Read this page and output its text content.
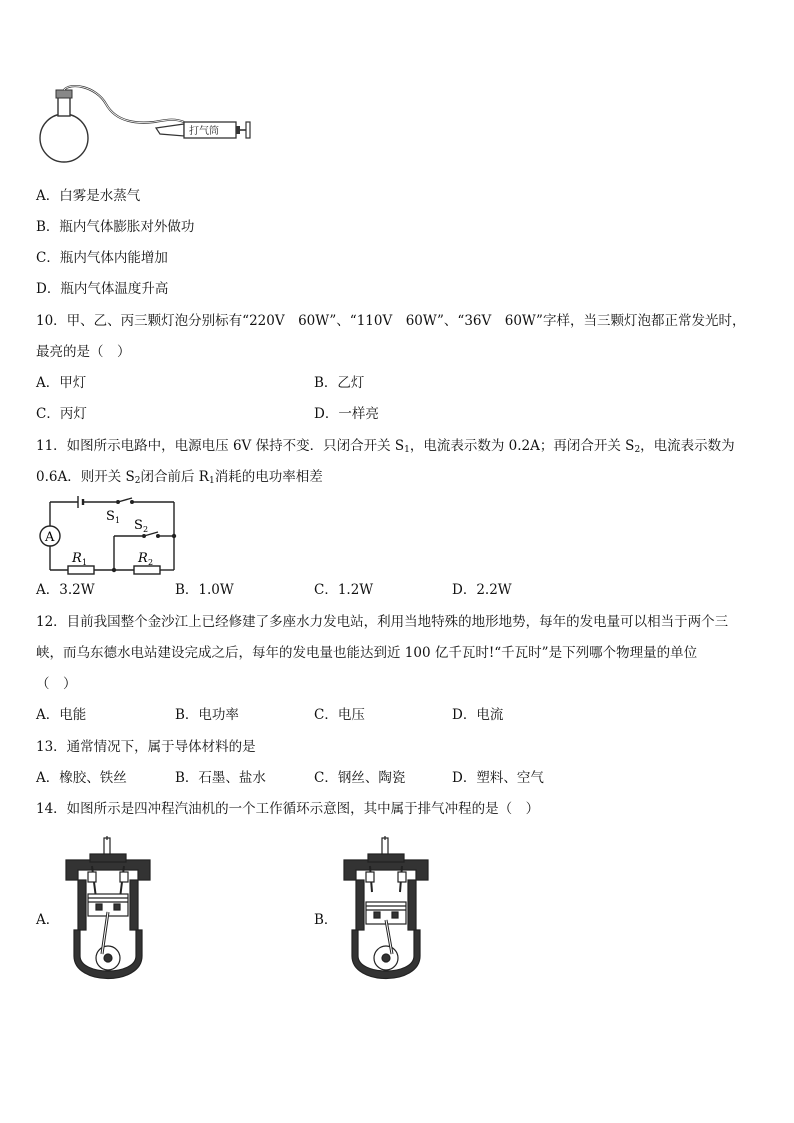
打气筒
A．白雾是水蒸气
B．瓶内气体膨胀对外做功
C．瓶内气体内能增加
D．瓶内气体温度升高
10．甲、乙、丙三颗灯泡分别标有“220V　60W”、“110V　60W”、“36V　60W”字样，当三颗灯泡都正常发光时，
最亮的是（　）
A．甲灯	B．乙灯
C．丙灯	D．一样亮
11．如图所示电路中，电源电压 6V 保持不变．只闭合开关 $S_1$，电流表示数为 0.2A；再闭合开关 $S_2$，电流表示数为
0.6A．则开关 $S_2$闭合前后 $R_1$消耗的电功率相差
A
S 1 S 2
R 1	R 2
A．3.2W	B．1.0W	C．1.2W	D．2.2W
12．目前我国整个金沙江上已经修建了多座水力发电站，利用当地特殊的地形地势，每年的发电量可以相当于两个三
峡，而乌东德水电站建设完成之后，每年的发电量也能达到近 100 亿千瓦时!“千瓦时”是下列哪个物理量的单位
（　）
A．电能	B．电功率	C．电压	D．电流
13．通常情况下，属于导体材料的是
A．橡胶、铁丝	B．石墨、盐水	C．钢丝、陶瓷	D．塑料、空气
14．如图所示是四冲程汽油机的一个工作循环示意图，其中属于排气冲程的是（　）
A．	B．
